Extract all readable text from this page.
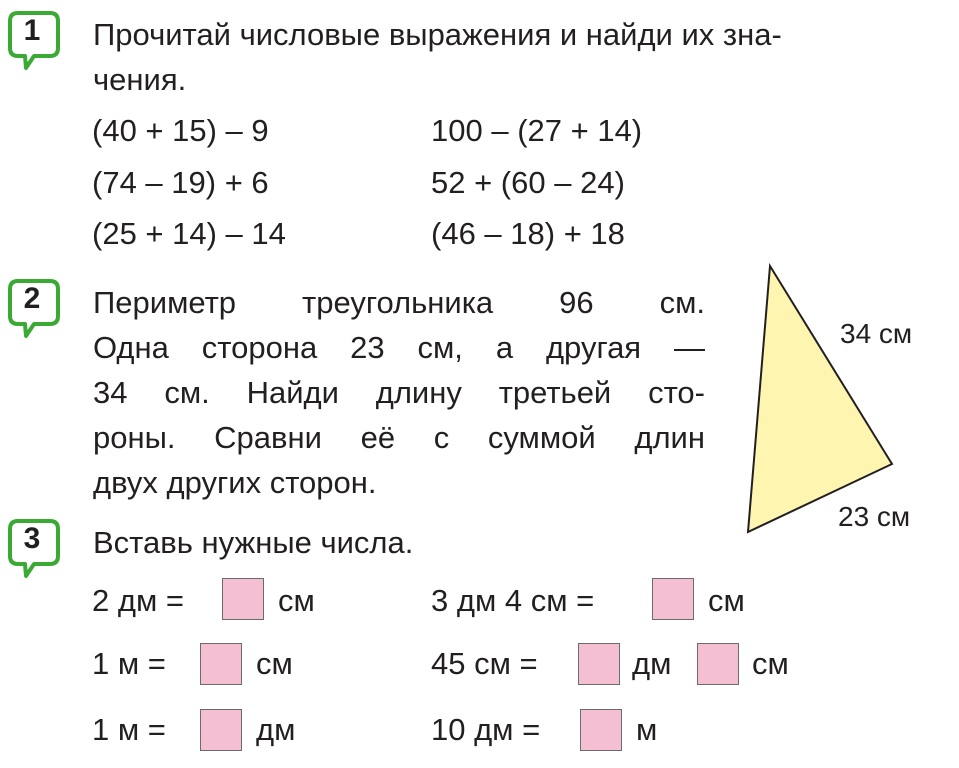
1	Прочитай числовые выражения и найди их зна-
чения.
(40 + 15) – 9	100 – (27 + 14)
(74 – 19) + 6	52 + (60 – 24)
(25 + 14) – 14	(46 – 18) + 18
2	Периметр треугольника 96 см.
Одна сторона 23 см, а другая —
34 см. Найди длину третьей сто-
роны. Сравни её с суммой длин
двух других сторон.
34 см
23 см
3	Вставь нужные числа.
2 дм =	см	3 дм 4 см =	см
1 м =	см	45 см =	дм	см
1 м =	дм	10 дм =	м
